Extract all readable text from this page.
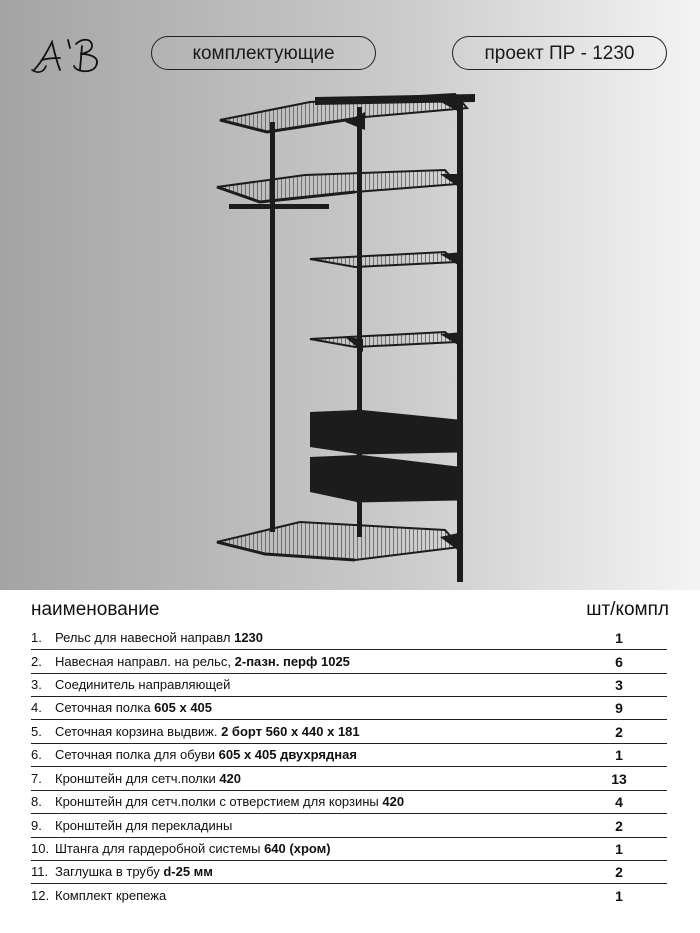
комплектующие	проект ПР - 1230
наименование	шт/компл
1.	Рельс для навесной направл 1230	1
2.	Навесная направл. на рельс, 2-пазн. перф 1025	6
3.	Соединитель направляющей	3
4.	Сеточная полка 605 x 405	9
5.	Сеточная корзина выдвиж. 2 борт 560 x 440 x 181	2
6.	Сеточная полка для обуви 605 x 405 двухрядная	1
7.	Кронштейн для сетч.полки 420	13
8.	Кронштейн для сетч.полки с отверстием для корзины 420	4
9.	Кронштейн для перекладины	2
10. Штанга для гардеробной системы 640 (хром)	1
11. Заглушка в трубу d-25 мм	2
12. Комплект крепежа	1
